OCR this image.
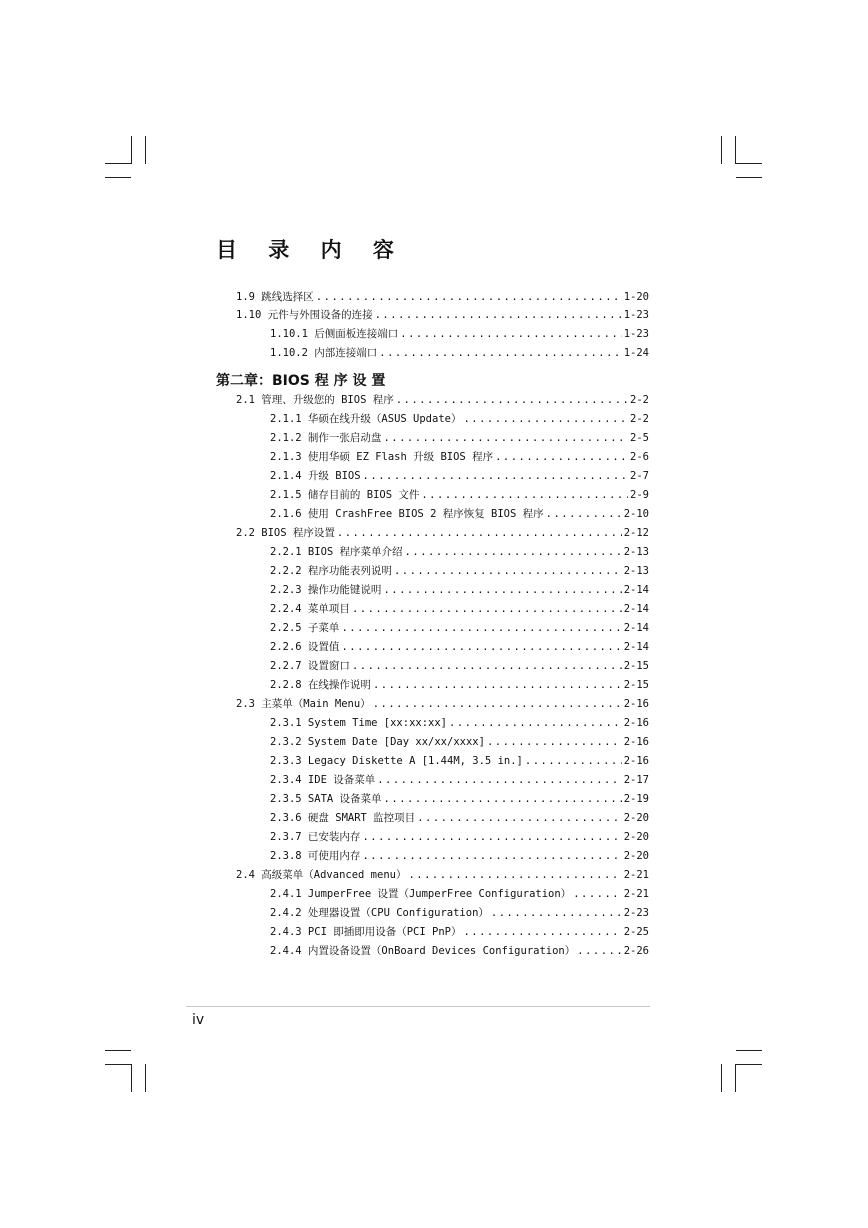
目 录 内 容
1.9 跳线选择区 .....	1-20
1.10 元件与外围设备的连接 .....	1-23
1.10.1 后侧面板连接端口 .....	1-23
1.10.2 内部连接端口 .....	1-24
第二章：BIOS 程 序 设 置
2.1 管理、升级您的 BIOS 程序 .....	2-2
2.1.1 华硕在线升级（ASUS Update） .....	2-2
2.1.2 制作一张启动盘 .....	2-5
2.1.3 使用华硕 EZ Flash 升级 BIOS 程序 .....	2-6
2.1.4 升级 BIOS .....	2-7
2.1.5 储存目前的 BIOS 文件 .....	2-9
2.1.6 使用 CrashFree BIOS 2 程序恢复 BIOS 程序 .....	2-10
2.2 BIOS 程序设置 .....	2-12
2.2.1 BIOS 程序菜单介绍 .....	2-13
2.2.2 程序功能表列说明 .....	2-13
2.2.3 操作功能键说明 .....	2-14
2.2.4 菜单项目 .....	2-14
2.2.5 子菜单 .....	2-14
2.2.6 设置值 .....	2-14
2.2.7 设置窗口 .....	2-15
2.2.8 在线操作说明 .....	2-15
2.3 主菜单（Main Menu） .....	2-16
2.3.1 System Time [xx:xx:xx] .....	2-16
2.3.2 System Date [Day xx/xx/xxxx] .....	2-16
2.3.3 Legacy Diskette A [1.44M, 3.5 in.] .....	2-16
2.3.4 IDE 设备菜单 .....	2-17
2.3.5 SATA 设备菜单 .....	2-19
2.3.6 硬盘 SMART 监控项目 .....	2-20
2.3.7 已安装内存 .....	2-20
2.3.8 可使用内存 .....	2-20
2.4 高级菜单（Advanced menu） .....	2-21
2.4.1 JumperFree 设置（JumperFree Configuration） .....	2-21
2.4.2 处理器设置（CPU Configuration） .....	2-23
2.4.3 PCI 即插即用设备（PCI PnP） .....	2-25
2.4.4 内置设备设置（OnBoard Devices Configuration） .....	2-26
iv
